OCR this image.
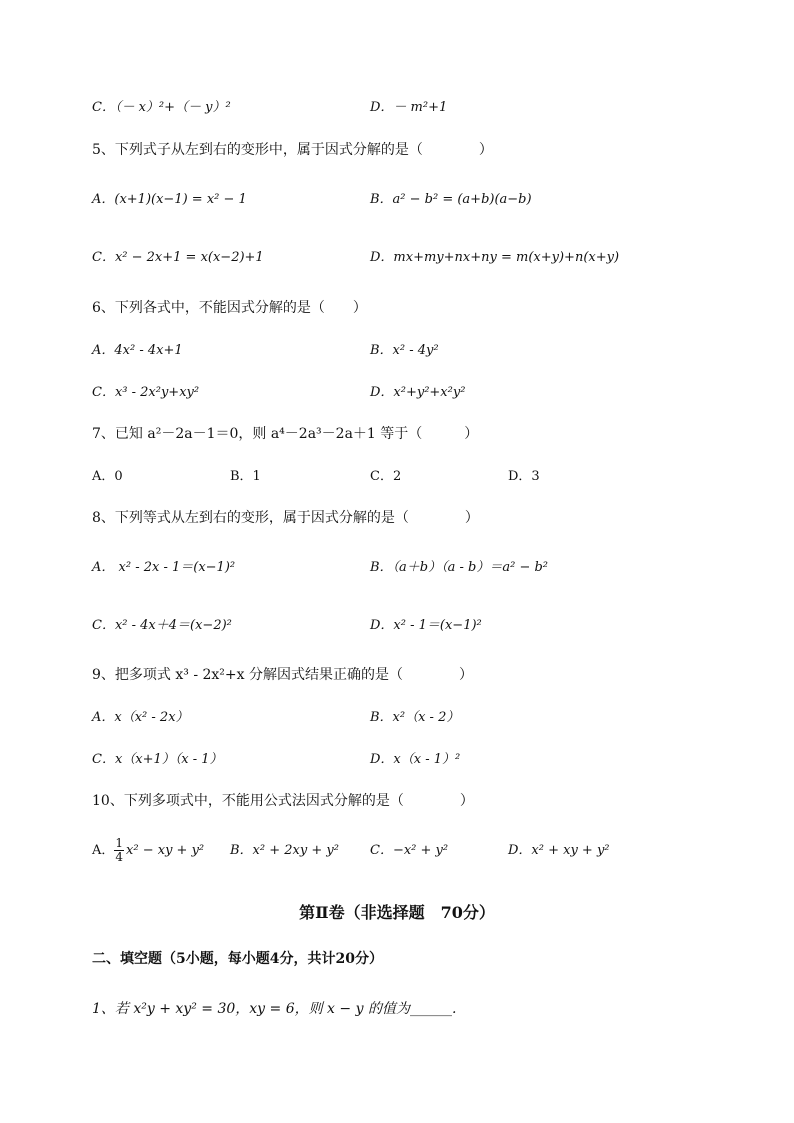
C．（－ x）²+（－ y）²	D．－ m²+1
5、下列式子从左到右的变形中，属于因式分解的是（　　　　）
A．(x+1)(x−1) = x² − 1	B．a² − b² = (a+b)(a−b)
C．x² − 2x+1 = x(x−2)+1	D．mx+my+nx+ny = m(x+y)+n(x+y)
6、下列各式中，不能因式分解的是（　　）
A．4x² - 4x+1	B．x² - 4y²
C．x³ - 2x²y+xy²	D．x²+y²+x²y²
7、已知 a²－2a－1＝0，则 a⁴－2a³－2a＋1 等于（　　　）
A．0	B．1	C．2	D．3
8、下列等式从左到右的变形，属于因式分解的是（　　　　）
A． x² - 2x - 1＝(x−1)²	B．（a＋b）（a - b）＝a² − b²
C．x² - 4x＋4＝(x−2)²	D．x² - 1＝(x−1)²
9、把多项式 x³ - 2x²+x 分解因式结果正确的是（　　　　）
A．x（x² - 2x）	B．x²（x - 2）
C．x（x+1）（x - 1）	D．x（x - 1）²
10、下列多项式中，不能用公式法因式分解的是（　　　　）
A． $\frac{1}{4} x^2$ − xy + y² B．x² + 2xy + y² C．−x² + y²	D．x² + xy + y²
第Ⅱ卷（非选择题　70分）
二、填空题（5小题，每小题4分，共计20分）
1、若 x²y + xy² = 30，xy = 6，则 x − y 的值为______.
